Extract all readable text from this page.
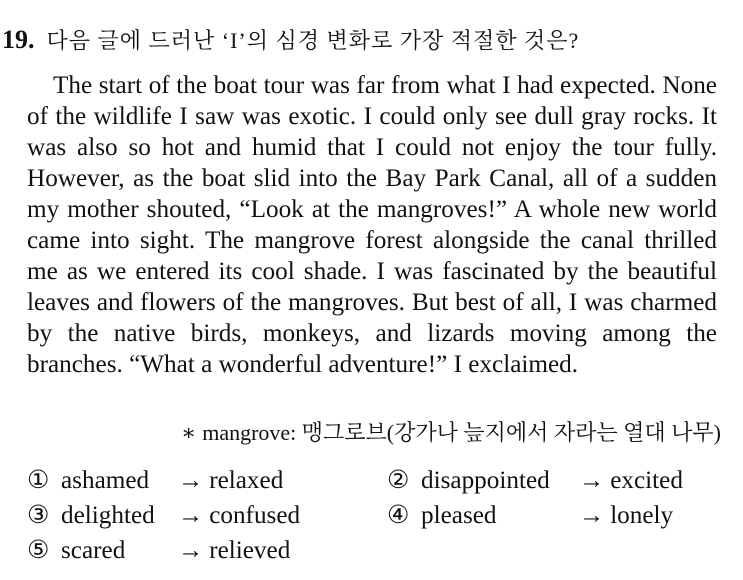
19. 다음 글에 드러난 ‘I’의 심경 변화로 가장 적절한 것은?

The start of the boat tour was far from what I had expected. None of the wildlife I saw was exotic. I could only see dull gray rocks. It was also so hot and humid that I could not enjoy the tour fully. However, as the boat slid into the Bay Park Canal, all of a sudden my mother shouted, “Look at the mangroves!” A whole new world came into sight. The mangrove forest alongside the canal thrilled me as we entered its cool shade. I was fascinated by the beautiful leaves and flowers of the mangroves. But best of all, I was charmed by the native birds, monkeys, and lizards moving among the branches. “What a wonderful adventure!” I exclaimed.

∗ mangrove: 맹그로브(강가나 늪지에서 자라는 열대 나무)
① ashamed → relaxed	② disappointed → excited
③ delighted → confused	④ pleased	→ lonely
⑤ scared → relieved
